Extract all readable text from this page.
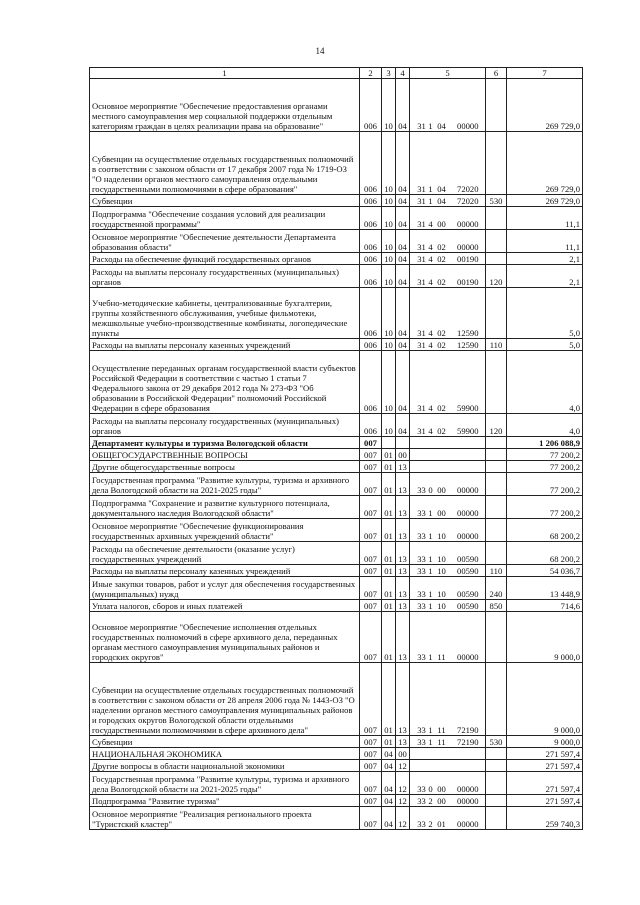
14
1	2	3	4	5	6	7
Основное мероприятие "Обеспечение предоставления органами местного самоуправления мер социальной поддержки отдельным категориям граждан в целях реализации права на образование"	006	10	04	31 1 04 00000		269 729,0
Субвенции на осуществление отдельных государственных полномочий в соответствии с законом области от 17 декабря 2007 года № 1719-ОЗ "О наделении органов местного самоуправления отдельными государственными полномочиями в сфере образования"	006	10	04	31 1 04 72020		269 729,0
Субвенции	006	10	04	31 1 04 72020	530	269 729,0
Подпрограмма "Обеспечение создания условий для реализации государственной программы"	006	10	04	31 4 00 00000		11,1
Основное мероприятие "Обеспечение деятельности Департамента образования области"	006	10	04	31 4 02 00000		11,1
Расходы на обеспечение функций государственных органов	006	10	04	31 4 02 00190		2,1
Расходы на выплаты персоналу государственных (муниципальных) органов	006	10	04	31 4 02 00190	120	2,1
Учебно-методические кабинеты, централизованные бухгалтерии, группы хозяйственного обслуживания, учебные фильмотеки, межшкольные учебно-производственные комбинаты, логопедические пункты	006	10	04	31 4 02 12590		5,0
Расходы на выплаты персоналу казенных учреждений	006	10	04	31 4 02 12590	110	5,0
Осуществление переданных органам государственной власти субъектов Российской Федерации в соответствии с частью 1 статьи 7 Федерального закона от 29 декабря 2012 года № 273-ФЗ "Об образовании в Российской Федерации" полномочий Российской Федерации в сфере образования	006	10	04	31 4 02 59900		4,0
Расходы на выплаты персоналу государственных (муниципальных) органов	006	10	04	31 4 02 59900	120	4,0
Департамент культуры и туризма Вологодской области	007					1 206 088,9
ОБЩЕГОСУДАРСТВЕННЫЕ ВОПРОСЫ	007	01	00			77 200,2
Другие общегосударственные вопросы	007	01	13			77 200,2
Государственная программа "Развитие культуры, туризма и архивного дела Вологодской области на 2021-2025 годы"	007	01	13	33 0 00 00000		77 200,2
Подпрограмма "Сохранение и развитие культурного потенциала, документального наследия Вологодской области"	007	01	13	33 1 00 00000		77 200,2
Основное мероприятие "Обеспечение функционирования государственных архивных учреждений области"	007	01	13	33 1 10 00000		68 200,2
Расходы на обеспечение деятельности (оказание услуг) государственных учреждений	007	01	13	33 1 10 00590		68 200,2
Расходы на выплаты персоналу казенных учреждений	007	01	13	33 1 10 00590	110	54 036,7
Иные закупки товаров, работ и услуг для обеспечения государственных (муниципальных) нужд	007	01	13	33 1 10 00590	240	13 448,9
Уплата налогов, сборов и иных платежей	007	01	13	33 1 10 00590	850	714,6
Основное мероприятие "Обеспечение исполнения отдельных государственных полномочий в сфере архивного дела, переданных органам местного самоуправления муниципальных районов и городских округов"	007	01	13	33 1 11 00000		9 000,0
Субвенции на осуществление отдельных государственных полномочий в соответствии с законом области от 28 апреля 2006 года № 1443-ОЗ "О наделении органов местного самоуправления муниципальных районов и городских округов Вологодской области отдельными государственными полномочиями в сфере архивного дела"	007	01	13	33 1 11 72190		9 000,0
Субвенции	007	01	13	33 1 11 72190	530	9 000,0
НАЦИОНАЛЬНАЯ ЭКОНОМИКА	007	04	00			271 597,4
Другие вопросы в области национальной экономики	007	04	12			271 597,4
Государственная программа "Развитие культуры, туризма и архивного дела Вологодской области на 2021-2025 годы"	007	04	12	33 0 00 00000		271 597,4
Подпрограмма "Развитие туризма"	007	04	12	33 2 00 00000		271 597,4
Основное мероприятие "Реализация регионального проекта "Туристский кластер"	007	04	12	33 2 01 00000		259 740,3
